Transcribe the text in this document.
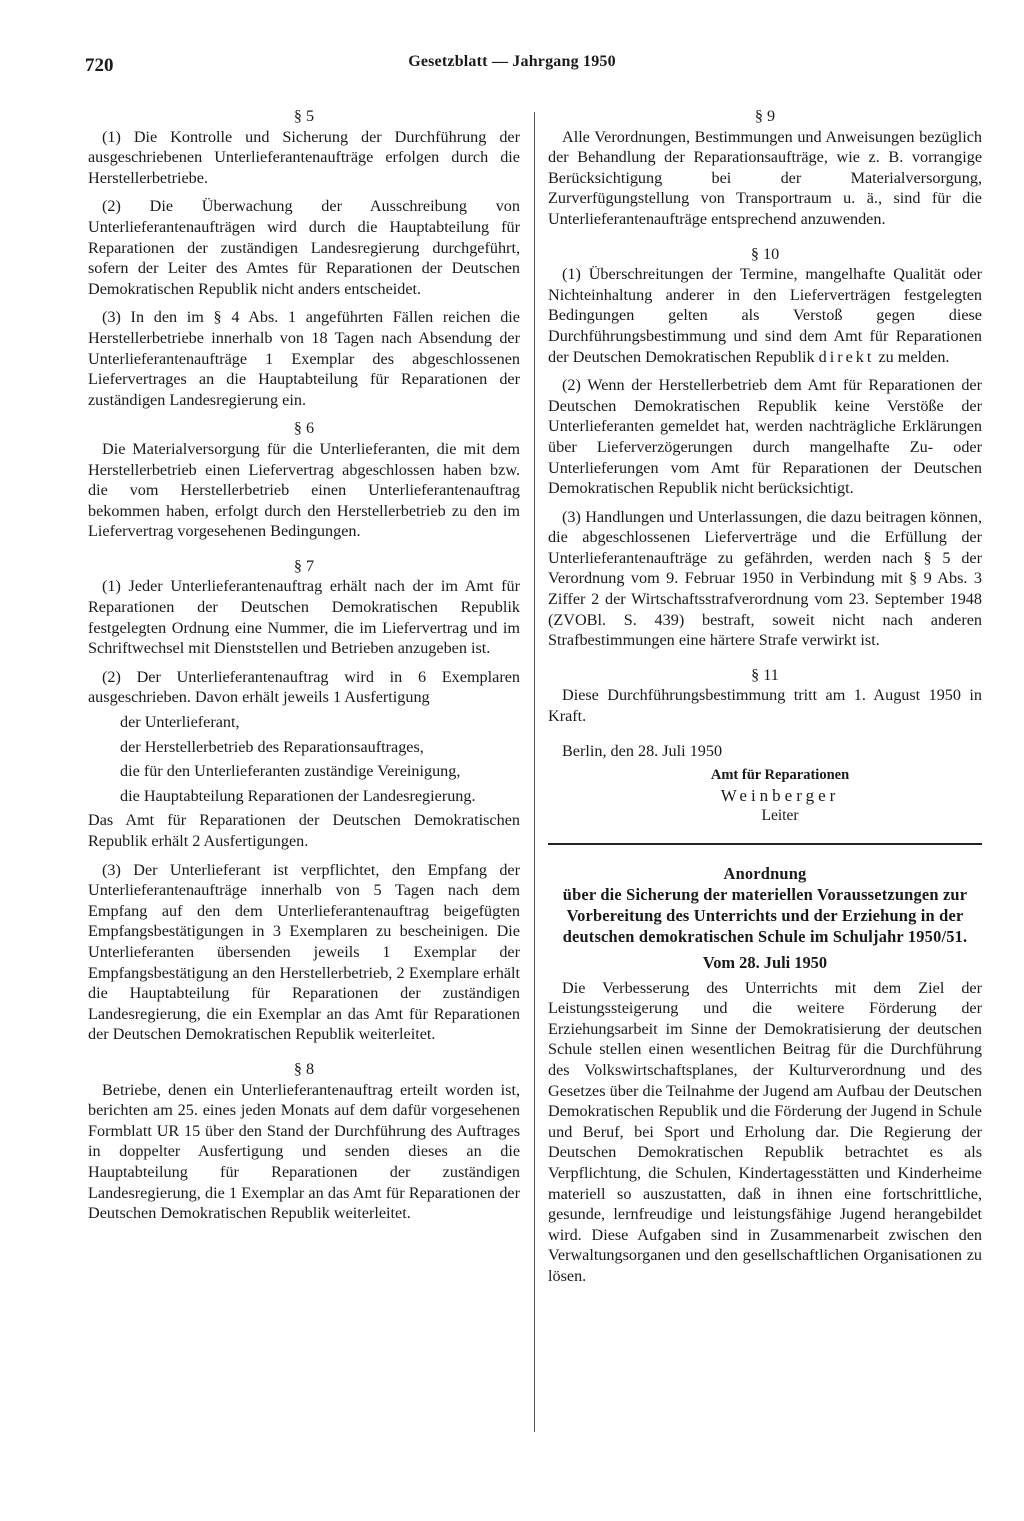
720	Gesetzblatt — Jahrgang 1950

§ 5

(1) Die Kontrolle und Sicherung der Durchführung der ausgeschriebenen Unterlieferantenaufträge erfolgen durch die Herstellerbetriebe.

(2) Die Überwachung der Ausschreibung von Unterlieferantenaufträgen wird durch die Hauptabteilung für Reparationen der zuständigen Landesregierung durchgeführt, sofern der Leiter des Amtes für Reparationen der Deutschen Demokratischen Republik nicht anders entscheidet.

(3) In den im § 4 Abs. 1 angeführten Fällen reichen die Herstellerbetriebe innerhalb von 18 Tagen nach Absendung der Unterlieferantenaufträge 1 Exemplar des abgeschlossenen Liefervertrages an die Hauptabteilung für Reparationen der zuständigen Landesregierung ein.

§ 6

Die Materialversorgung für die Unterlieferanten, die mit dem Herstellerbetrieb einen Liefervertrag abgeschlossen haben bzw. die vom Herstellerbetrieb einen Unterlieferantenauftrag bekommen haben, erfolgt durch den Herstellerbetrieb zu den im Liefervertrag vorgesehenen Bedingungen.

§ 7

(1) Jeder Unterlieferantenauftrag erhält nach der im Amt für Reparationen der Deutschen Demokratischen Republik festgelegten Ordnung eine Nummer, die im Liefervertrag und im Schriftwechsel mit Dienststellen und Betrieben anzugeben ist.

(2) Der Unterlieferantenauftrag wird in 6 Exemplaren ausgeschrieben. Davon erhält jeweils 1 Ausfertigung

der Unterlieferant,

der Herstellerbetrieb des Reparationsauftrages,

die für den Unterlieferanten zuständige Vereinigung,

die Hauptabteilung Reparationen der Landesregierung.

Das Amt für Reparationen der Deutschen Demokratischen Republik erhält 2 Ausfertigungen.

(3) Der Unterlieferant ist verpflichtet, den Empfang der Unterlieferantenaufträge innerhalb von 5 Tagen nach dem Empfang auf den dem Unterlieferantenauftrag beigefügten Empfangsbestätigungen in 3 Exemplaren zu bescheinigen. Die Unterlieferanten übersenden jeweils 1 Exemplar der Empfangsbestätigung an den Herstellerbetrieb, 2 Exemplare erhält die Hauptabteilung für Reparationen der zuständigen Landesregierung, die ein Exemplar an das Amt für Reparationen der Deutschen Demokratischen Republik weiterleitet.

§ 8

Betriebe, denen ein Unterlieferantenauftrag erteilt worden ist, berichten am 25. eines jeden Monats auf dem dafür vorgesehenen Formblatt UR 15 über den Stand der Durchführung des Auftrages in doppelter Ausfertigung und senden dieses an die Hauptabteilung für Reparationen der zuständigen Landesregierung, die 1 Exemplar an das Amt für Reparationen der Deutschen Demokratischen Republik weiterleitet.

§ 9

Alle Verordnungen, Bestimmungen und Anweisungen bezüglich der Behandlung der Reparationsaufträge, wie z. B. vorrangige Berücksichtigung bei der Materialversorgung, Zurverfügungstellung von Transportraum u. ä., sind für die Unterlieferantenaufträge entsprechend anzuwenden.

§ 10

(1) Überschreitungen der Termine, mangelhafte Qualität oder Nichteinhaltung anderer in den Lieferverträgen festgelegten Bedingungen gelten als Verstoß gegen diese Durchführungsbestimmung und sind dem Amt für Reparationen der Deutschen Demokratischen Republik direkt zu melden.

(2) Wenn der Herstellerbetrieb dem Amt für Reparationen der Deutschen Demokratischen Republik keine Verstöße der Unterlieferanten gemeldet hat, werden nachträgliche Erklärungen über Lieferverzögerungen durch mangelhafte Zu- oder Unterlieferungen vom Amt für Reparationen der Deutschen Demokratischen Republik nicht berücksichtigt.

(3) Handlungen und Unterlassungen, die dazu beitragen können, die abgeschlossenen Lieferverträge und die Erfüllung der Unterlieferantenaufträge zu gefährden, werden nach § 5 der Verordnung vom 9. Februar 1950 in Verbindung mit § 9 Abs. 3 Ziffer 2 der Wirtschaftsstrafverordnung vom 23. September 1948 (ZVOBl. S. 439) bestraft, soweit nicht nach anderen Strafbestimmungen eine härtere Strafe verwirkt ist.

§ 11

Diese Durchführungsbestimmung tritt am 1. August 1950 in Kraft.

Berlin, den 28. Juli 1950

Amt für Reparationen
Weinberger
Leiter
Anordnung
über die Sicherung der materiellen Voraussetzungen zur Vorbereitung des Unterrichts und der Erziehung in der deutschen demokratischen Schule im Schuljahr 1950/51.
Vom 28. Juli 1950

Die Verbesserung des Unterrichts mit dem Ziel der Leistungssteigerung und die weitere Förderung der Erziehungsarbeit im Sinne der Demokratisierung der deutschen Schule stellen einen wesentlichen Beitrag für die Durchführung des Volkswirtschaftsplanes, der Kulturverordnung und des Gesetzes über die Teilnahme der Jugend am Aufbau der Deutschen Demokratischen Republik und die Förderung der Jugend in Schule und Beruf, bei Sport und Erholung dar. Die Regierung der Deutschen Demokratischen Republik betrachtet es als Verpflichtung, die Schulen, Kindertagesstätten und Kinderheime materiell so auszustatten, daß in ihnen eine fortschrittliche, gesunde, lernfreudige und leistungsfähige Jugend herangebildet wird. Diese Aufgaben sind in Zusammenarbeit zwischen den Verwaltungsorganen und den gesellschaftlichen Organisationen zu lösen.
